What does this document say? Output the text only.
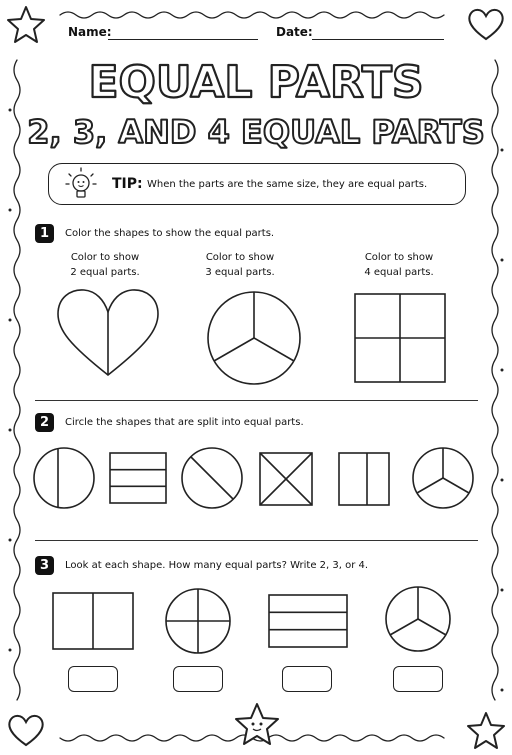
Name:	Date:
EQUAL PARTS
2, 3, AND 4 EQUAL PARTS
TIP: When the parts are the same size, they are equal parts.
1	Color the shapes to show the equal parts.
Color to show
2 equal parts.
Color to show
3 equal parts.
Color to show
4 equal parts.
2	Circle the shapes that are split into equal parts.
3	Look at each shape. How many equal parts? Write 2, 3, or 4.
